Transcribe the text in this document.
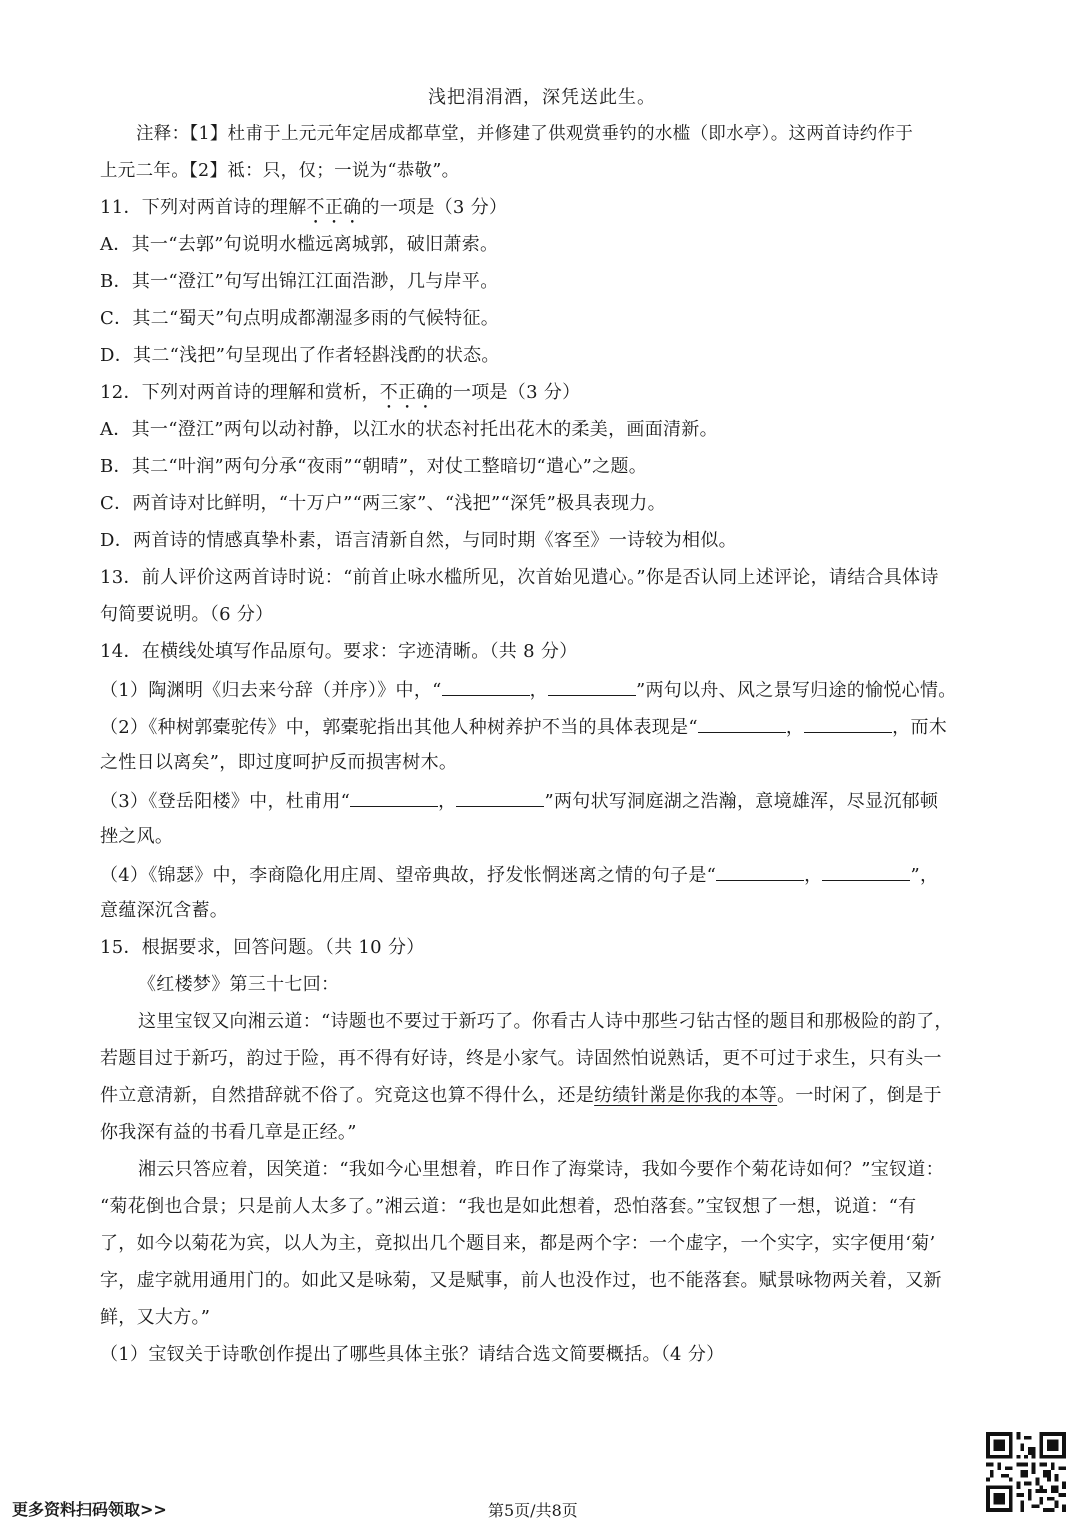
浅把涓涓酒，深凭送此生。
注释：【1】杜甫于上元元年定居成都草堂，并修建了供观赏垂钓的水槛（即水亭）。这两首诗约作于
上元二年。【2】祗：只，仅；一说为“恭敬”。
11．下列对两首诗的理解不正确的一项是（3 分）
A．其一“去郭”句说明水槛远离城郭，破旧萧索。
B．其一“澄江”句写出锦江江面浩渺，几与岸平。
C．其二“蜀天”句点明成都潮湿多雨的气候特征。
D．其二“浅把”句呈现出了作者轻斟浅酌的状态。
12．下列对两首诗的理解和赏析，不正确的一项是（3 分）
A．其一“澄江”两句以动衬静，以江水的状态衬托出花木的柔美，画面清新。
B．其二“叶润”两句分承“夜雨”“朝晴”，对仗工整暗切“遣心”之题。
C．两首诗对比鲜明，“十万户”“两三家”、“浅把”“深凭”极具表现力。
D．两首诗的情感真挚朴素，语言清新自然，与同时期《客至》一诗较为相似。
13．前人评价这两首诗时说：“前首止咏水槛所见，次首始见遣心。”你是否认同上述评论，请结合具体诗
句简要说明。（6 分）
14．在横线处填写作品原句。要求：字迹清晰。（共 8 分）
（1）陶渊明《归去来兮辞（并序）》中，“	，	”两句以舟、风之景写归途的愉悦心情。
（2）《种树郭橐驼传》中，郭橐驼指出其他人种树养护不当的具体表现是“	，	，而木
之性日以离矣”，即过度呵护反而损害树木。
（3）《登岳阳楼》中，杜甫用“	，	”两句状写洞庭湖之浩瀚，意境雄浑，尽显沉郁顿
挫之风。
（4）《锦瑟》中，李商隐化用庄周、望帝典故，抒发怅惘迷离之情的句子是“	，	”，
意蕴深沉含蓄。
15．根据要求，回答问题。（共 10 分）
《红楼梦》第三十七回：
这里宝钗又向湘云道：“诗题也不要过于新巧了。你看古人诗中那些刁钻古怪的题目和那极险的韵了，
若题目过于新巧，韵过于险，再不得有好诗，终是小家气。诗固然怕说熟话，更不可过于求生，只有头一
件立意清新，自然措辞就不俗了。究竟这也算不得什么，还是纺绩针黹是你我的本等。一时闲了，倒是于
你我深有益的书看几章是正经。”
湘云只答应着，因笑道：“我如今心里想着，昨日作了海棠诗，我如今要作个菊花诗如何？”宝钗道：
“菊花倒也合景；只是前人太多了。”湘云道：“我也是如此想着，恐怕落套。”宝钗想了一想，说道：“有
了，如今以菊花为宾，以人为主，竟拟出几个题目来，都是两个字：一个虚字，一个实字，实字便用‘菊’
字，虚字就用通用门的。如此又是咏菊，又是赋事，前人也没作过，也不能落套。赋景咏物两关着，又新
鲜，又大方。”
（1）宝钗关于诗歌创作提出了哪些具体主张？请结合选文简要概括。（4 分）
更多资料扫码领取>>	第5页/共8页
